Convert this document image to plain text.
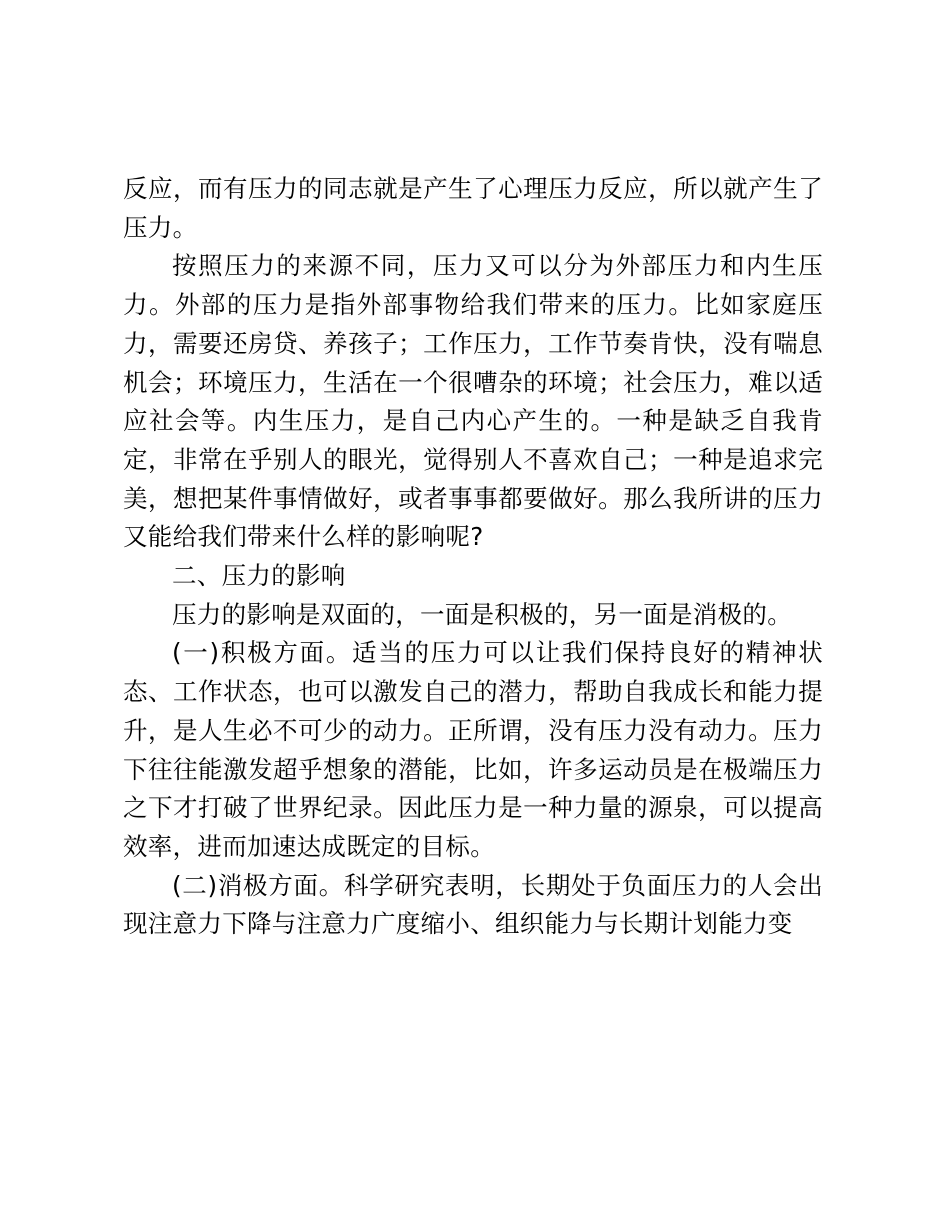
反应，而有压力的同志就是产生了心理压力反应，所以就产生了压力。

按照压力的来源不同，压力又可以分为外部压力和内生压力。外部的压力是指外部事物给我们带来的压力。比如家庭压力，需要还房贷、养孩子；工作压力，工作节奏肯快，没有喘息机会；环境压力，生活在一个很嘈杂的环境；社会压力，难以适应社会等。内生压力，是自己内心产生的。一种是缺乏自我肯定，非常在乎别人的眼光，觉得别人不喜欢自己；一种是追求完美，想把某件事情做好，或者事事都要做好。那么我所讲的压力又能给我们带来什么样的影响呢?

二、压力的影响

压力的影响是双面的，一面是积极的，另一面是消极的。

(一)积极方面。适当的压力可以让我们保持良好的精神状态、工作状态，也可以激发自己的潜力，帮助自我成长和能力提升，是人生必不可少的动力。正所谓，没有压力没有动力。压力下往往能激发超乎想象的潜能，比如，许多运动员是在极端压力之下才打破了世界纪录。因此压力是一种力量的源泉，可以提高效率，进而加速达成既定的目标。

(二)消极方面。科学研究表明，长期处于负面压力的人会出现注意力下降与注意力广度缩小、组织能力与长期计划能力变
